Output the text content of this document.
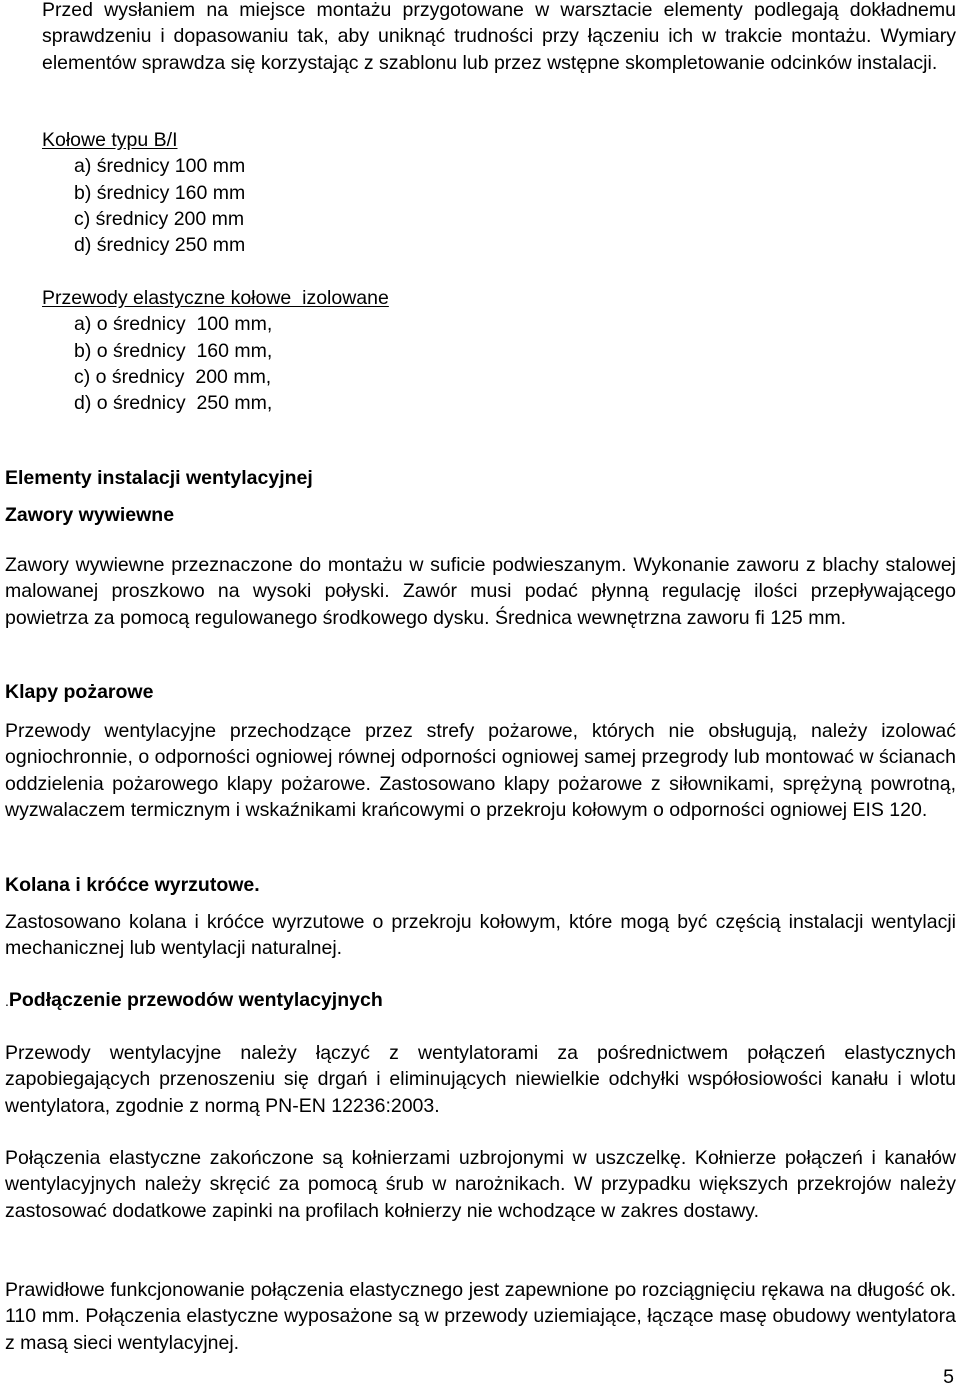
Przed wysłaniem na miejsce montażu przygotowane w warsztacie elementy podlegają dokładnemu sprawdzeniu i dopasowaniu tak, aby uniknąć trudności przy łączeniu ich w trakcie montażu. Wymiary elementów sprawdza się korzystając z szablonu lub przez wstępne skompletowanie odcinków instalacji.

Kołowe typu B/I
a) średnicy 100 mm
b) średnicy 160 mm
c) średnicy 200 mm
d) średnicy 250 mm
Przewody elastyczne kołowe  izolowane
a) o średnicy  100 mm,
b) o średnicy  160 mm,
c) o średnicy  200 mm,
d) o średnicy  250 mm,
Elementy instalacji wentylacyjnej
Zawory wywiewne

Zawory wywiewne przeznaczone do montażu w suficie podwieszanym. Wykonanie zaworu z blachy stalowej malowanej proszkowo na wysoki połyski. Zawór musi podać płynną regulację ilości przepływającego powietrza za pomocą regulowanego środkowego dysku. Średnica wewnętrzna zaworu fi 125 mm.

Klapy pożarowe

Przewody wentylacyjne przechodzące przez strefy pożarowe, których nie obsługują, należy izolować ogniochronnie, o odporności ogniowej równej odporności ogniowej samej przegrody lub montować w ścianach oddzielenia pożarowego klapy pożarowe. Zastosowano klapy pożarowe z siłownikami, sprężyną powrotną, wyzwalaczem termicznym i wskaźnikami krańcowymi o przekroju kołowym o odporności ogniowej EIS 120.

Kolana i króćce wyrzutowe.

Zastosowano kolana i króćce wyrzutowe o przekroju kołowym, które mogą być częścią instalacji wentylacji mechanicznej lub wentylacji naturalnej.

.Podłączenie przewodów wentylacyjnych

Przewody wentylacyjne należy łączyć z wentylatorami za pośrednictwem połączeń elastycznych zapobiegających przenoszeniu się drgań i eliminujących niewielkie odchyłki współosiowości kanału i wlotu wentylatora, zgodnie z normą PN-EN 12236:2003.

Połączenia elastyczne zakończone są kołnierzami uzbrojonymi w uszczelkę. Kołnierze połączeń i kanałów wentylacyjnych należy skręcić za pomocą śrub w narożnikach. W przypadku większych przekrojów należy zastosować dodatkowe zapinki na profilach kołnierzy nie wchodzące w zakres dostawy.

Prawidłowe funkcjonowanie połączenia elastycznego jest zapewnione po rozciągnięciu rękawa na długość ok. 110 mm. Połączenia elastyczne wyposażone są w przewody uziemiające, łączące masę obudowy wentylatora z masą sieci wentylacyjnej.

5
